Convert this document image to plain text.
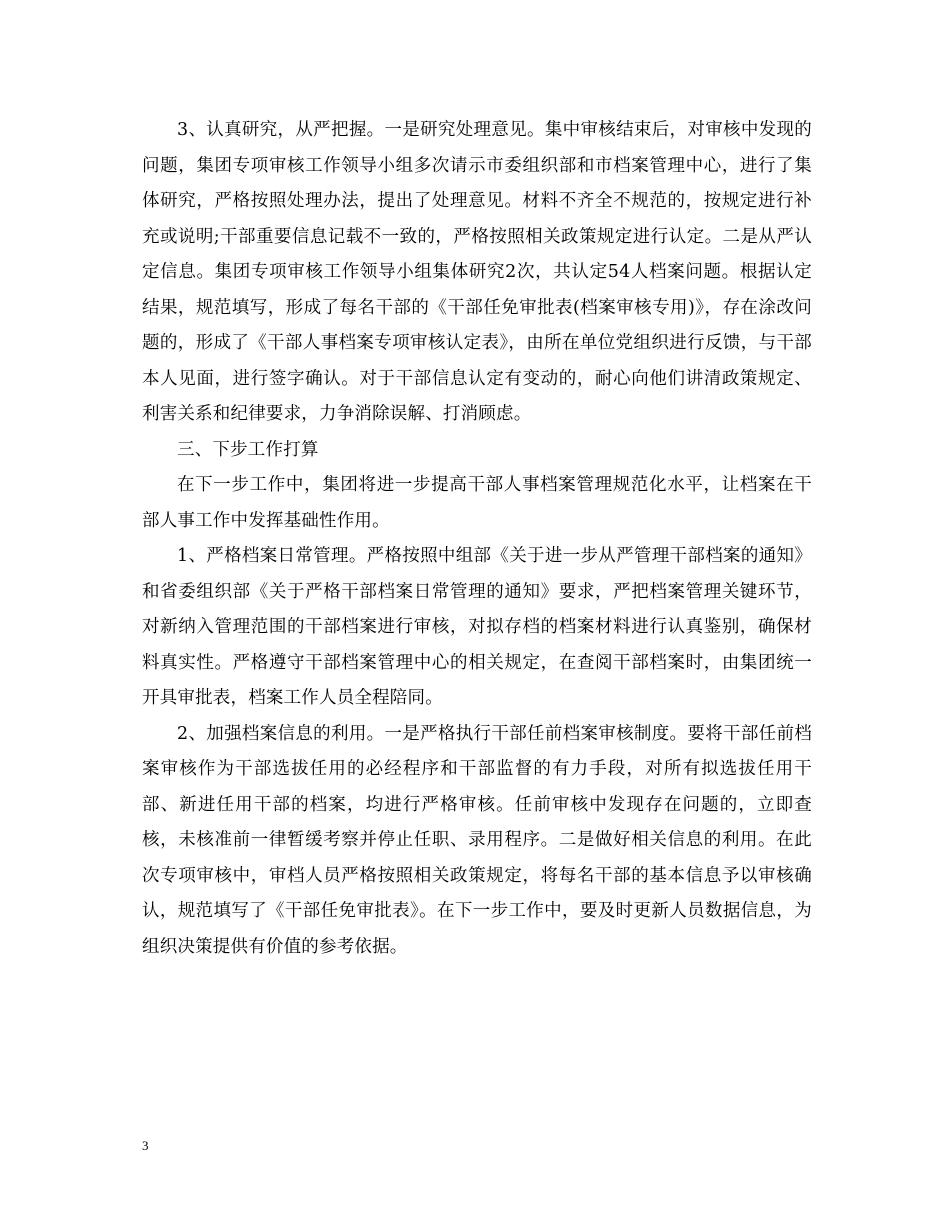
3、认真研究，从严把握。一是研究处理意见。集中审核结束后，对审核中发现的问题，集团专项审核工作领导小组多次请示市委组织部和市档案管理中心，进行了集体研究，严格按照处理办法，提出了处理意见。材料不齐全不规范的，按规定进行补充或说明;干部重要信息记载不一致的，严格按照相关政策规定进行认定。二是从严认定信息。集团专项审核工作领导小组集体研究2次，共认定54人档案问题。根据认定结果，规范填写，形成了每名干部的《干部任免审批表(档案审核专用)》，存在涂改问题的，形成了《干部人事档案专项审核认定表》，由所在单位党组织进行反馈，与干部本人见面，进行签字确认。对于干部信息认定有变动的，耐心向他们讲清政策规定、利害关系和纪律要求，力争消除误解、打消顾虑。

三、下步工作打算

在下一步工作中，集团将进一步提高干部人事档案管理规范化水平，让档案在干部人事工作中发挥基础性作用。

1、严格档案日常管理。严格按照中组部《关于进一步从严管理干部档案的通知》和省委组织部《关于严格干部档案日常管理的通知》要求，严把档案管理关键环节，对新纳入管理范围的干部档案进行审核，对拟存档的档案材料进行认真鉴别，确保材料真实性。严格遵守干部档案管理中心的相关规定，在查阅干部档案时，由集团统一开具审批表，档案工作人员全程陪同。

2、加强档案信息的利用。一是严格执行干部任前档案审核制度。要将干部任前档案审核作为干部选拔任用的必经程序和干部监督的有力手段，对所有拟选拔任用干部、新进任用干部的档案，均进行严格审核。任前审核中发现存在问题的，立即查核，未核准前一律暂缓考察并停止任职、录用程序。二是做好相关信息的利用。在此次专项审核中，审档人员严格按照相关政策规定，将每名干部的基本信息予以审核确认，规范填写了《干部任免审批表》。在下一步工作中，要及时更新人员数据信息，为组织决策提供有价值的参考依据。

3
